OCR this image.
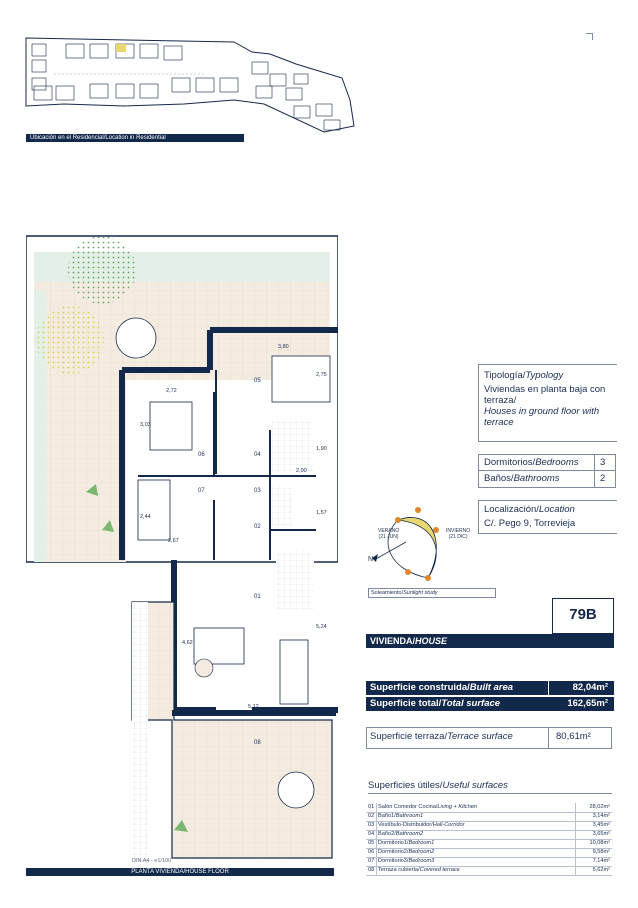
Ubicación en el Residencial/Location in Residential
01
02
03
04
05
06
07
08
3,80
2,75
2,72
3,03
1,90
2,00
2,44
2,67
1,57
4,62
5,24
5,12
DIN A4 - e1/100
PLANTA VIVIENDA/HOUSE FLOOR
Tipología/Typology
Viviendas en planta baja con terraza/
Houses in ground floor with terrace
Dormitorios/Bedrooms 3
Baños/Bathrooms	2
Localización/Location
C/. Pego 9, Torrevieja
N
VERANO
(21 JUN)
INVIERNO
(21 DIC)
Soleamiento/Sunlight study
79B
VIVIENDA/HOUSE
Superficie construida/Built area	82,04m²
Superficie total/Total surface	162,65m²
Superficie terraza/Terrace surface	80,61m²
Superficies útiles/Useful surfaces
01 Salón Comedor Cocina/Living + Kitchen	28,02m²
02 Baño1/Bathroom1	3,14m²
03 Vestíbulo-Distribuidor/Hall-Corridor	3,45m²
04 Baño2/Bathroom2	3,65m²
05 Dormitorio1/Bedroom1	10,08m²
06 Dormitorio2/Bedroom2	9,58m²
07 Dormitorio3/Bedroom3	7,14m²
08 Terraza cubierta/Covered terrace	5,62m²
